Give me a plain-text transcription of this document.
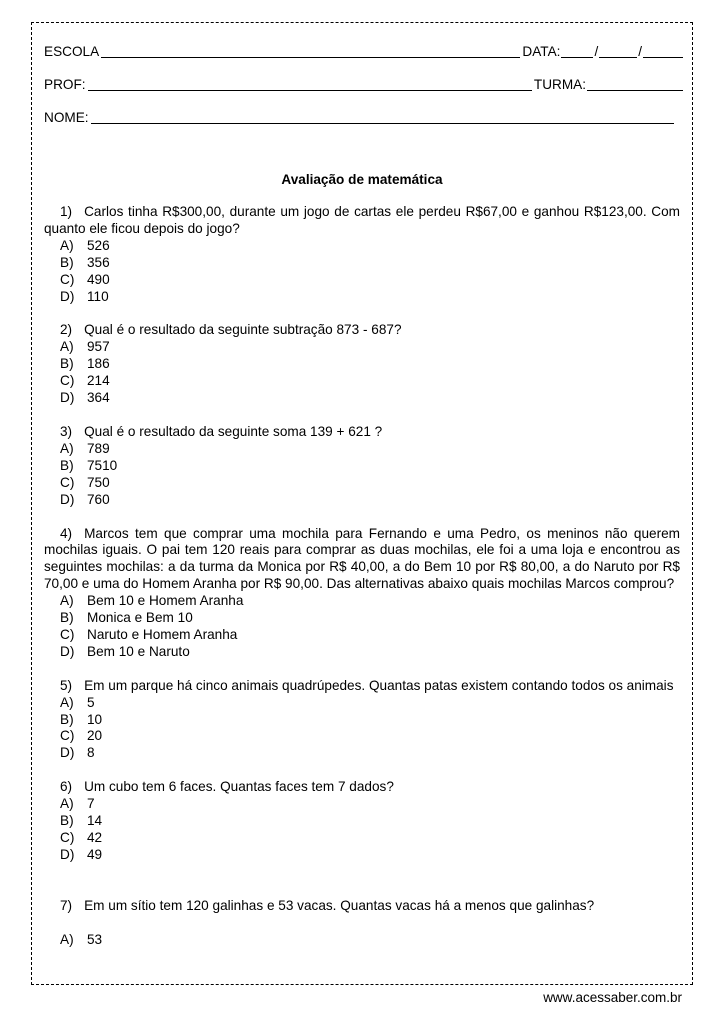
ESCOLA	DATA:	/	/
PROF:	TURMA:
NOME:
Avaliação de matemática

1) Carlos tinha R$300,00, durante um jogo de cartas ele perdeu R$67,00 e ganhou R$123,00. Com quanto ele ficou depois do jogo?

A) 526

B) 356

C) 490

D) 110

2) Qual é o resultado da seguinte subtração 873 - 687?

A) 957

B) 186

C) 214

D) 364

3) Qual é o resultado da seguinte soma 139 + 621 ?

A) 789

B) 7510

C) 750

D) 760

4) Marcos tem que comprar uma mochila para Fernando e uma Pedro, os meninos não querem mochilas iguais. O pai tem 120 reais para comprar as duas mochilas, ele foi a uma loja e encontrou as seguintes mochilas: a da turma da Monica por R$ 40,00, a do Bem 10 por R$ 80,00, a do Naruto por R$ 70,00 e uma do Homem Aranha por R$ 90,00. Das alternativas abaixo quais mochilas Marcos comprou?

A) Bem 10 e Homem Aranha

B) Monica e Bem 10

C) Naruto e Homem Aranha

D) Bem 10 e Naruto

5) Em um parque há cinco animais quadrúpedes. Quantas patas existem contando todos os animais

A) 5

B) 10

C) 20

D) 8

6) Um cubo tem 6 faces. Quantas faces tem 7 dados?

A) 7

B) 14

C) 42

D) 49

7) Em um sítio tem 120 galinhas e 53 vacas. Quantas vacas há a menos que galinhas?

A) 53

www.acessaber.com.br
